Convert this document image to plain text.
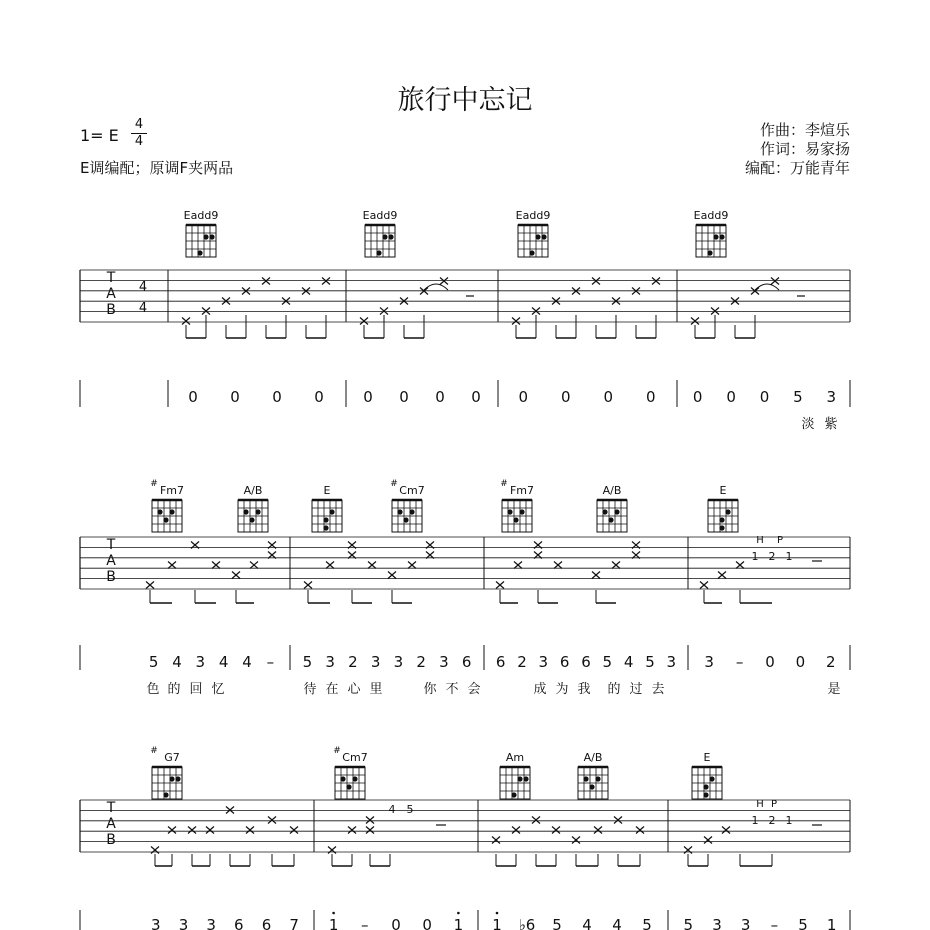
旅行中忘记
1= E
4
4
E调编配；原调F夹两品
作曲：李煊乐
作词：易家扬
编配：万能青年
Eadd9	Eadd9	Eadd9	Eadd9
T
A
B
4
4
0 0 0 0	0 0 0 0	0 0 0 0 0 0 0 5 3
淡 紫
# Fm7	A/B	E	# Cm7	# Fm7	A/B	E
T
A
B
H P
1 2 1
5 4 3 4 4 – 5 3 2 3 3 2 3 6 6 2 3 6 6 5 4 5 3 3 – 0 0 2
色 的 回 忆	待 在 心 里	你 不 会	成 为 我 的 过 去	是
# G7	# Cm7	Am	A/B	E
T
A
B
4 5	H P
1 2 1
3 3 3 6 6 7 1 – 0 0 1 1 ♭6 5 4 4 5 5 3 3 – 5 1
